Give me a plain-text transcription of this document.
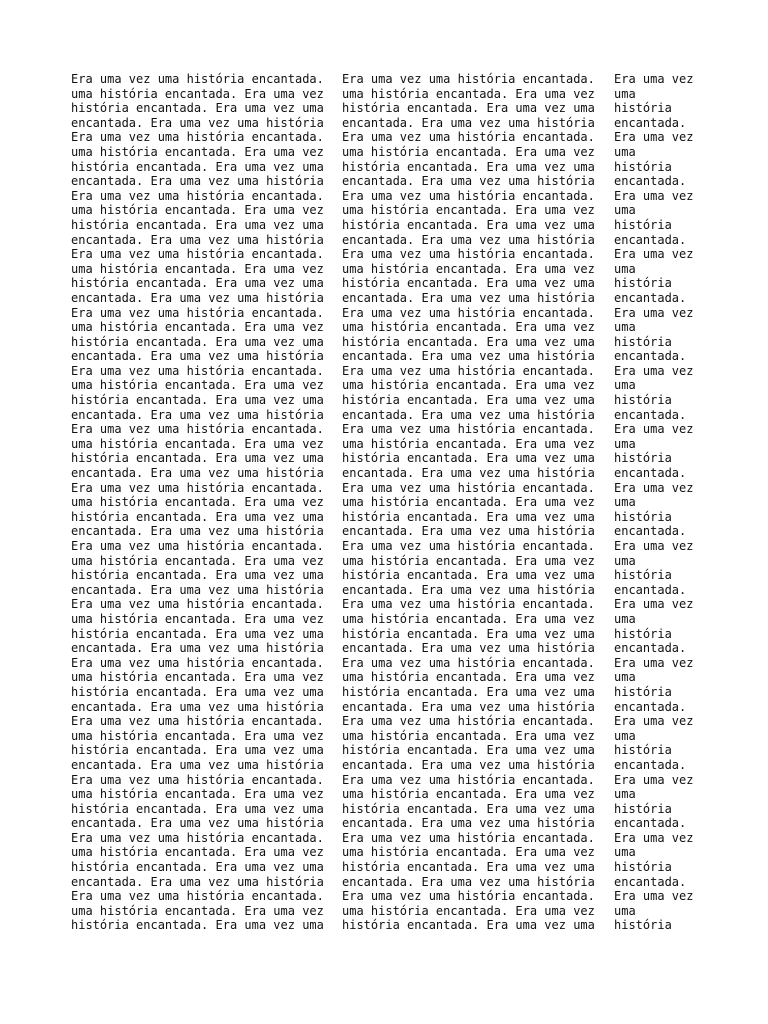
Era uma vez uma história encantada.
uma história encantada. Era uma vez
história encantada. Era uma vez uma
encantada. Era uma vez uma história
Era uma vez uma história encantada.
uma história encantada. Era uma vez
história encantada. Era uma vez uma
encantada. Era uma vez uma história
Era uma vez uma história encantada.
uma história encantada. Era uma vez
história encantada. Era uma vez uma
encantada. Era uma vez uma história
Era uma vez uma história encantada.
uma história encantada. Era uma vez
história encantada. Era uma vez uma
encantada. Era uma vez uma história
Era uma vez uma história encantada.
uma história encantada. Era uma vez
história encantada. Era uma vez uma
encantada. Era uma vez uma história
Era uma vez uma história encantada.
uma história encantada. Era uma vez
história encantada. Era uma vez uma
encantada. Era uma vez uma história
Era uma vez uma história encantada.
uma história encantada. Era uma vez
história encantada. Era uma vez uma
encantada. Era uma vez uma história
Era uma vez uma história encantada.
uma história encantada. Era uma vez
história encantada. Era uma vez uma
encantada. Era uma vez uma história
Era uma vez uma história encantada.
uma história encantada. Era uma vez
história encantada. Era uma vez uma
encantada. Era uma vez uma história
Era uma vez uma história encantada.
uma história encantada. Era uma vez
história encantada. Era uma vez uma
encantada. Era uma vez uma história
Era uma vez uma história encantada.
uma história encantada. Era uma vez
história encantada. Era uma vez uma
encantada. Era uma vez uma história
Era uma vez uma história encantada.
uma história encantada. Era uma vez
história encantada. Era uma vez uma
encantada. Era uma vez uma história
Era uma vez uma história encantada.
uma história encantada. Era uma vez
história encantada. Era uma vez uma
encantada. Era uma vez uma história
Era uma vez uma história encantada.
uma história encantada. Era uma vez
história encantada. Era uma vez uma
encantada. Era uma vez uma história
Era uma vez uma história encantada.
uma história encantada. Era uma vez
história encantada. Era uma vez uma
Era uma vez uma história encantada.
uma história encantada. Era uma vez
história encantada. Era uma vez uma
encantada. Era uma vez uma história
Era uma vez uma história encantada.
uma história encantada. Era uma vez
história encantada. Era uma vez uma
encantada. Era uma vez uma história
Era uma vez uma história encantada.
uma história encantada. Era uma vez
história encantada. Era uma vez uma
encantada. Era uma vez uma história
Era uma vez uma história encantada.
uma história encantada. Era uma vez
história encantada. Era uma vez uma
encantada. Era uma vez uma história
Era uma vez uma história encantada.
uma história encantada. Era uma vez
história encantada. Era uma vez uma
encantada. Era uma vez uma história
Era uma vez uma história encantada.
uma história encantada. Era uma vez
história encantada. Era uma vez uma
encantada. Era uma vez uma história
Era uma vez uma história encantada.
uma história encantada. Era uma vez
história encantada. Era uma vez uma
encantada. Era uma vez uma história
Era uma vez uma história encantada.
uma história encantada. Era uma vez
história encantada. Era uma vez uma
encantada. Era uma vez uma história
Era uma vez uma história encantada.
uma história encantada. Era uma vez
história encantada. Era uma vez uma
encantada. Era uma vez uma história
Era uma vez uma história encantada.
uma história encantada. Era uma vez
história encantada. Era uma vez uma
encantada. Era uma vez uma história
Era uma vez uma história encantada.
uma história encantada. Era uma vez
história encantada. Era uma vez uma
encantada. Era uma vez uma história
Era uma vez uma história encantada.
uma história encantada. Era uma vez
história encantada. Era uma vez uma
encantada. Era uma vez uma história
Era uma vez uma história encantada.
uma história encantada. Era uma vez
história encantada. Era uma vez uma
encantada. Era uma vez uma história
Era uma vez uma história encantada.
uma história encantada. Era uma vez
história encantada. Era uma vez uma
encantada. Era uma vez uma história
Era uma vez uma história encantada.
uma história encantada. Era uma vez
história encantada. Era uma vez uma
Era uma vez
uma
história
encantada.
Era uma vez
uma
história
encantada.
Era uma vez
uma
história
encantada.
Era uma vez
uma
história
encantada.
Era uma vez
uma
história
encantada.
Era uma vez
uma
história
encantada.
Era uma vez
uma
história
encantada.
Era uma vez
uma
história
encantada.
Era uma vez
uma
história
encantada.
Era uma vez
uma
história
encantada.
Era uma vez
uma
história
encantada.
Era uma vez
uma
história
encantada.
Era uma vez
uma
história
encantada.
Era uma vez
uma
história
encantada.
Era uma vez
uma
história
